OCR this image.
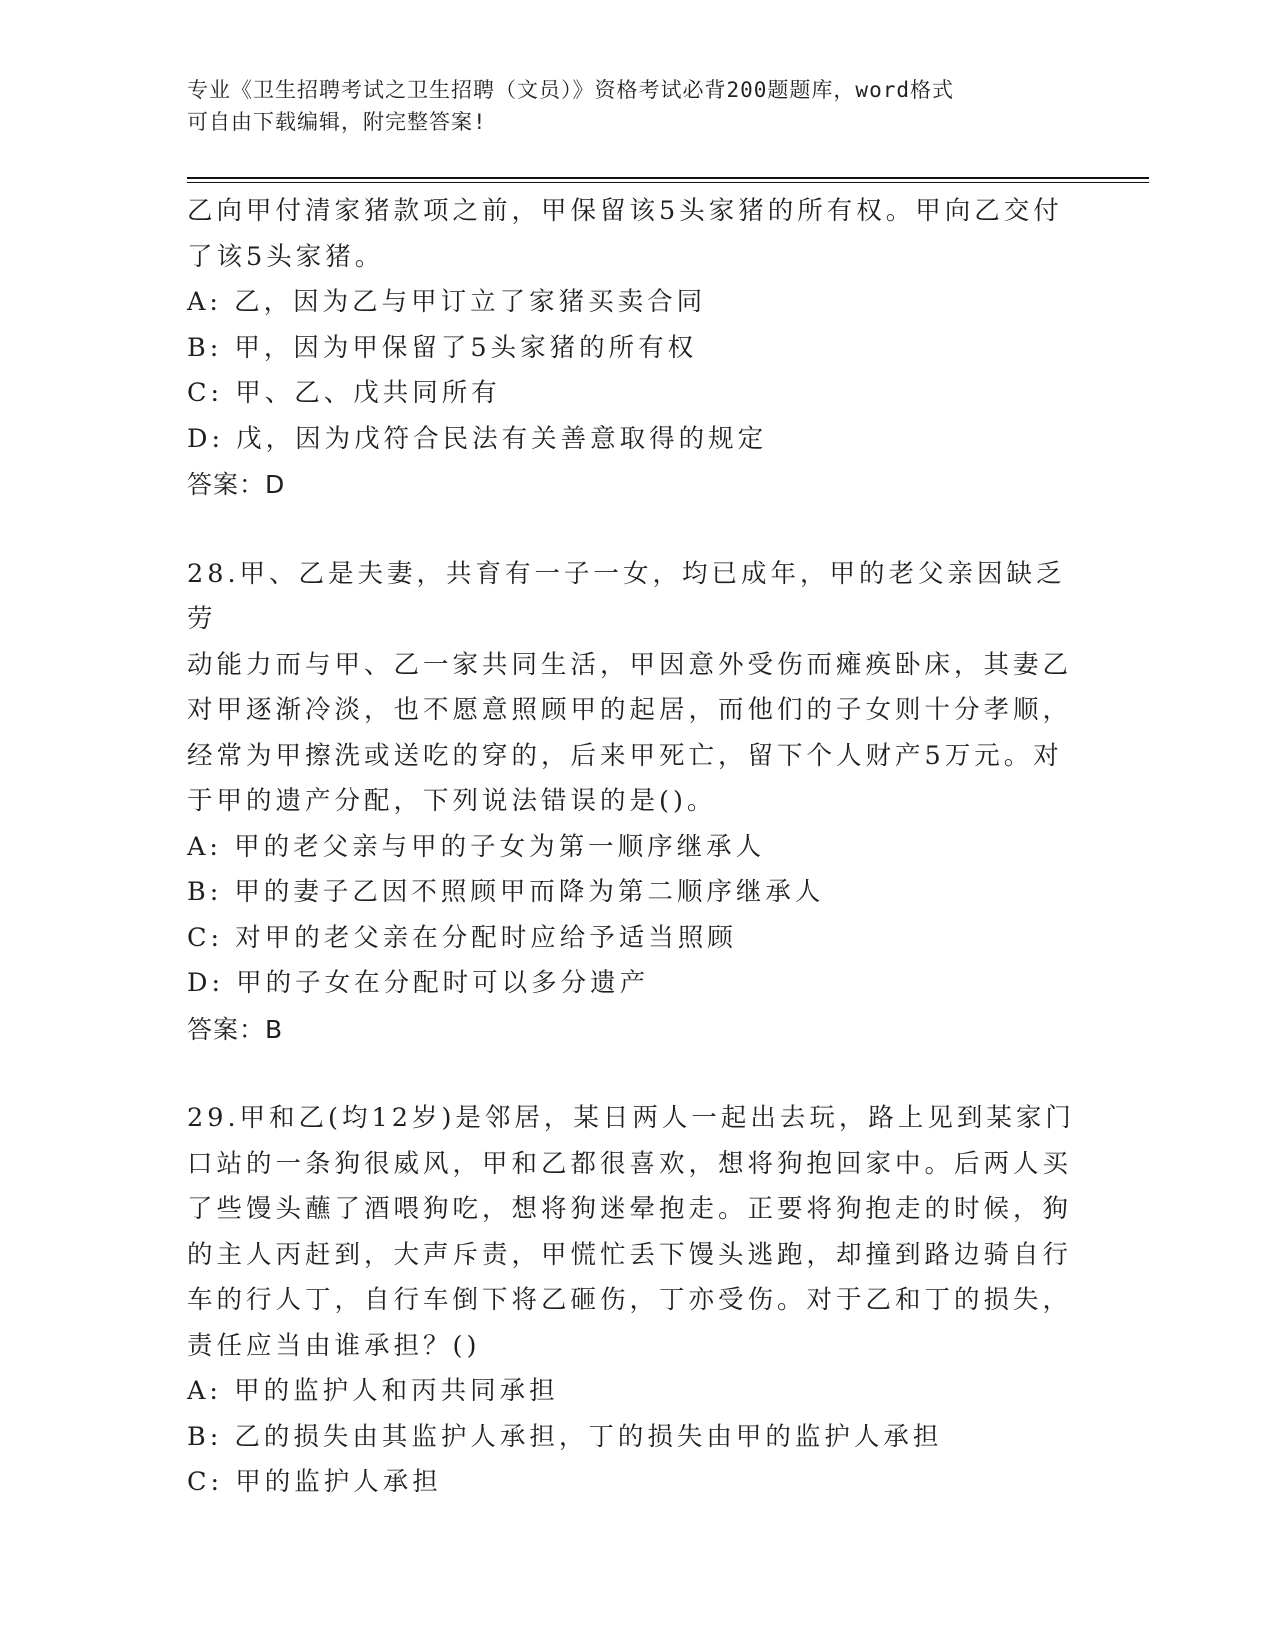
专业《卫生招聘考试之卫生招聘（文员）》资格考试必背200题题库，word格式
可自由下载编辑，附完整答案!

乙向甲付清家猪款项之前，甲保留该5头家猪的所有权。甲向乙交付

了该5头家猪。

A: 乙，因为乙与甲订立了家猪买卖合同

B: 甲，因为甲保留了5头家猪的所有权

C: 甲、乙、戊共同所有

D: 戊，因为戊符合民法有关善意取得的规定

答案：D

28.甲、乙是夫妻，共育有一子一女，均已成年，甲的老父亲因缺乏劳

动能力而与甲、乙一家共同生活，甲因意外受伤而瘫痪卧床，其妻乙

对甲逐渐冷淡，也不愿意照顾甲的起居，而他们的子女则十分孝顺，

经常为甲擦洗或送吃的穿的，后来甲死亡，留下个人财产5万元。对

于甲的遗产分配，下列说法错误的是()。

A: 甲的老父亲与甲的子女为第一顺序继承人

B: 甲的妻子乙因不照顾甲而降为第二顺序继承人

C: 对甲的老父亲在分配时应给予适当照顾

D: 甲的子女在分配时可以多分遗产

答案：B

29.甲和乙(均12岁)是邻居，某日两人一起出去玩，路上见到某家门

口站的一条狗很威风，甲和乙都很喜欢，想将狗抱回家中。后两人买

了些馒头蘸了酒喂狗吃，想将狗迷晕抱走。正要将狗抱走的时候，狗

的主人丙赶到，大声斥责，甲慌忙丢下馒头逃跑，却撞到路边骑自行

车的行人丁，自行车倒下将乙砸伤，丁亦受伤。对于乙和丁的损失，

责任应当由谁承担？()

A: 甲的监护人和丙共同承担

B: 乙的损失由其监护人承担，丁的损失由甲的监护人承担

C: 甲的监护人承担
